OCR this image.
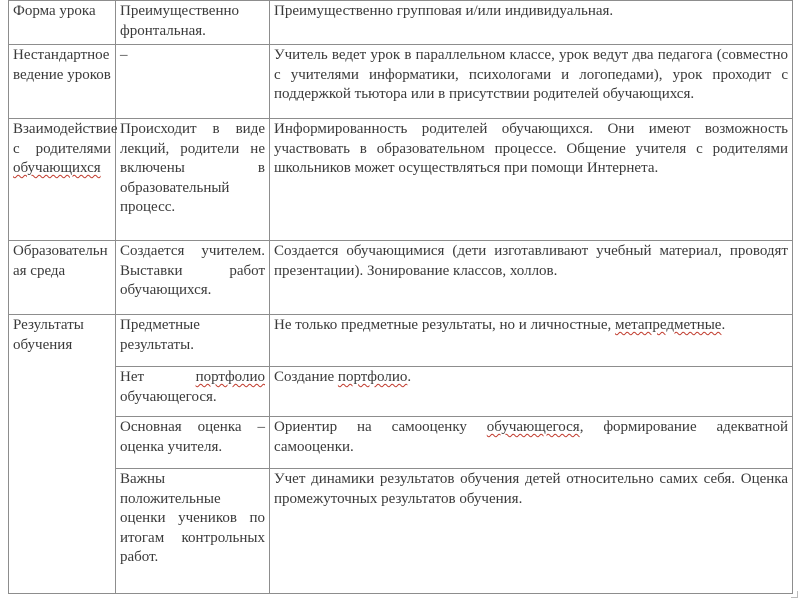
Форма урока	Преимущественно фронтальная.	Преимущественно групповая и/или индивидуальная.
Нестандартное ведение уроков	–	Учитель ведет урок в параллельном классе, урок ведут два педагога (совместно с учителями информатики, психологами и логопедами), урок проходит с поддержкой тьютора или в присутствии родителей обучающихся.
Взаимодействие с родителями обучающихся	Происходит в виде лекций, родители не включены в образовательный процесс.	Информированность родителей обучающихся. Они имеют возможность участвовать в образовательном процессе. Общение учителя с родителями школьников может осуществляться при помощи Интернета.
Образовательная среда	Создается учителем. Выставки работ обучающихся.	Создается обучающимися (дети изготавливают учебный материал, проводят презентации). Зонирование классов, холлов.
Результаты обучения	Предметные результаты.	Не только предметные результаты, но и личностные, метапредметные.
	Нет портфолио обучающегося.	Создание портфолио.
	Основная оценка – оценка учителя.	Ориентир на самооценку обучающегося, формирование адекватной самооценки.
	Важны положительные оценки учеников по итогам контрольных работ.	Учет динамики результатов обучения детей относительно самих себя. Оценка промежуточных результатов обучения.
